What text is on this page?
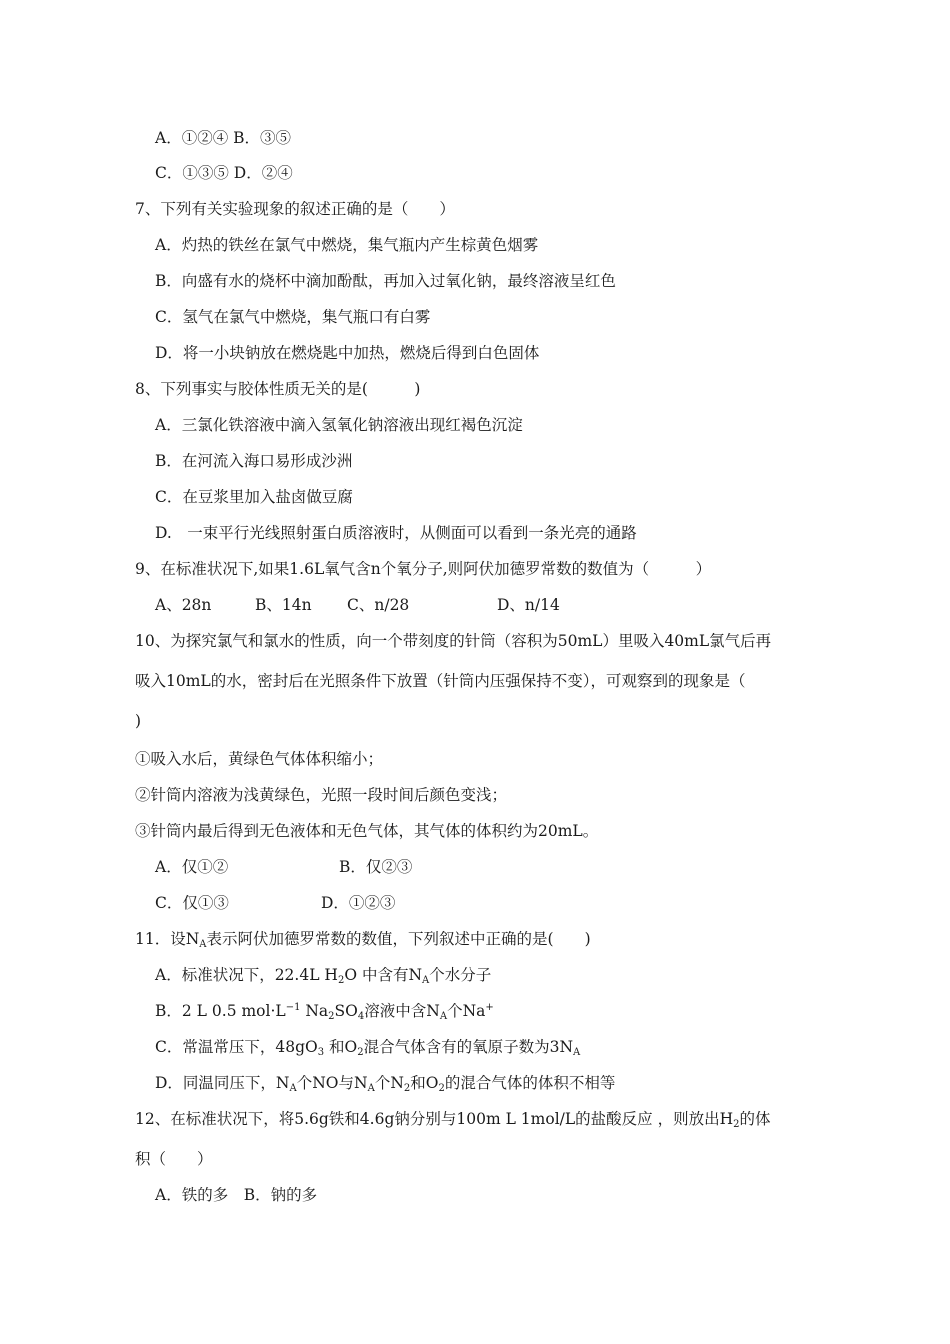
A．①②④ B．③⑤
C．①③⑤ D．②④
7、下列有关实验现象的叙述正确的是（　　）
A．灼热的铁丝在氯气中燃烧，集气瓶内产生棕黄色烟雾
B．向盛有水的烧杯中滴加酚酞，再加入过氧化钠，最终溶液呈红色
C．氢气在氯气中燃烧，集气瓶口有白雾
D．将一小块钠放在燃烧匙中加热，燃烧后得到白色固体
8、下列事实与胶体性质无关的是(　　　)
A．三氯化铁溶液中滴入氢氧化钠溶液出现红褐色沉淀
B．在河流入海口易形成沙洲
C．在豆浆里加入盐卤做豆腐
D.　一束平行光线照射蛋白质溶液时，从侧面可以看到一条光亮的通路
9、在标准状况下,如果1.6L氧气含n个氧分子,则阿伏加德罗常数的数值为（　　　）
A、28n	B、14n C、n/28	D、n/14
10、为探究氯气和氯水的性质，向一个带刻度的针筒（容积为50mL）里吸入40mL氯气后再
吸入10mL的水，密封后在光照条件下放置（针筒内压强保持不变），可观察到的现象是（
)
①吸入水后，黄绿色气体体积缩小；
②针筒内溶液为浅黄绿色，光照一段时间后颜色变浅；
③针筒内最后得到无色液体和无色气体，其气体的体积约为20mL。
A．仅①②	B．仅②③
C．仅①③	D．①②③
11．设$N_A$表示阿伏加德罗常数的数值，下列叙述中正确的是(　　)
A．标准状况下，22.4L $H_2O$ 中含有$N_A$个水分子
B．2 L 0.5 $mol\cdot L^{-1}$ $Na_2SO_4$溶液中含$N_A$个Na+
C．常温常压下，$48gO_3$ 和$O_2$混合气体含有的氧原子数为$3N_A$
D．同温同压下，$N_A$个NO与$N_A$个$N_2$和$O_2$的混合气体的体积不相等
12、在标准状况下，将5.6g铁和4.6g钠分别与100m L 1mol/L的盐酸反应 ，则放出$H_2$的体
积（　　）
A．铁的多　B．钠的多
